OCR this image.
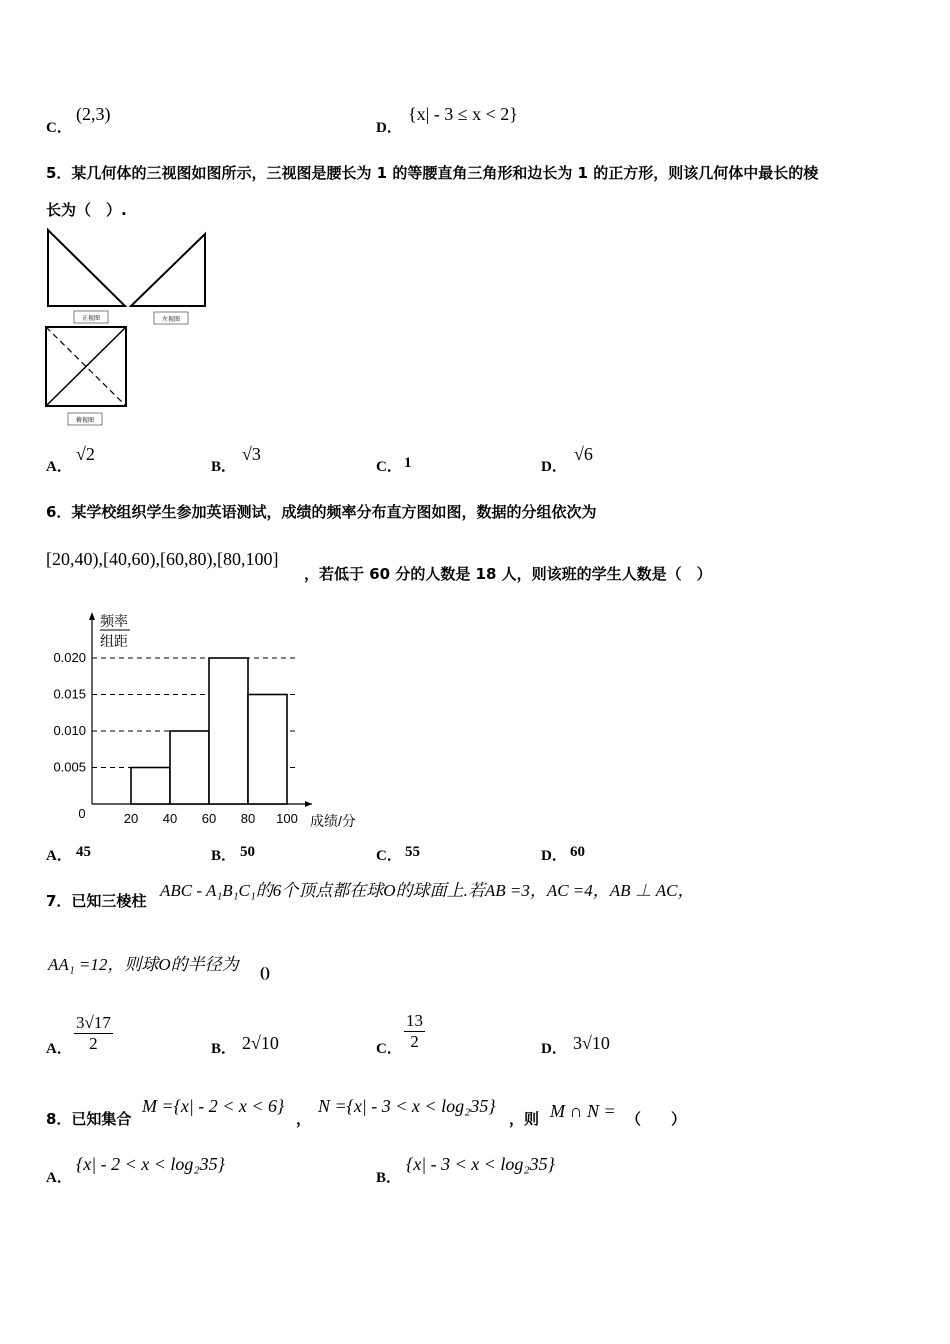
C．
(2,3)
D．
{x| - 3 ≤ x < 2}
5．某几何体的三视图如图所示，三视图是腰长为 1 的等腰直角三角形和边长为 1 的正方形，则该几何体中最长的棱
长为（　）.
正视图	左视图
俯视图
A．
√2
B．
√3
C． 1	D．
√6
6．某学校组织学生参加英语测试，成绩的频率分布直方图如图，数据的分组依次为
[20,40),[40,60),[60,80),[80,100]
，若低于 60 分的人数是 18 人，则该班的学生人数是（　）
0.020
0.015
0.010
0.005
20 40 60 80 100
0
频率
组距
成绩/分
A． 45	B． 50	C． 55	D． 60
7．已知三棱柱
ABC - A₁B₁C₁的6个顶点都在球O的球面上.若AB =3，AC =4，AB ⊥ AC，
AA₁ =12，则球O的半径为 ()
A． $\frac{3√17}{2}$	B． 2√10	C． $\frac{13}{2}$	D． 3√10
8．已知集合
M ={x| - 2 < x < 6}
，
N ={x| - 3 < x < log₂35}
，则 M ∩ N = （　　）
A．
{x| - 2 < x < log₂35}
B．
{x| - 3 < x < log₂35}
